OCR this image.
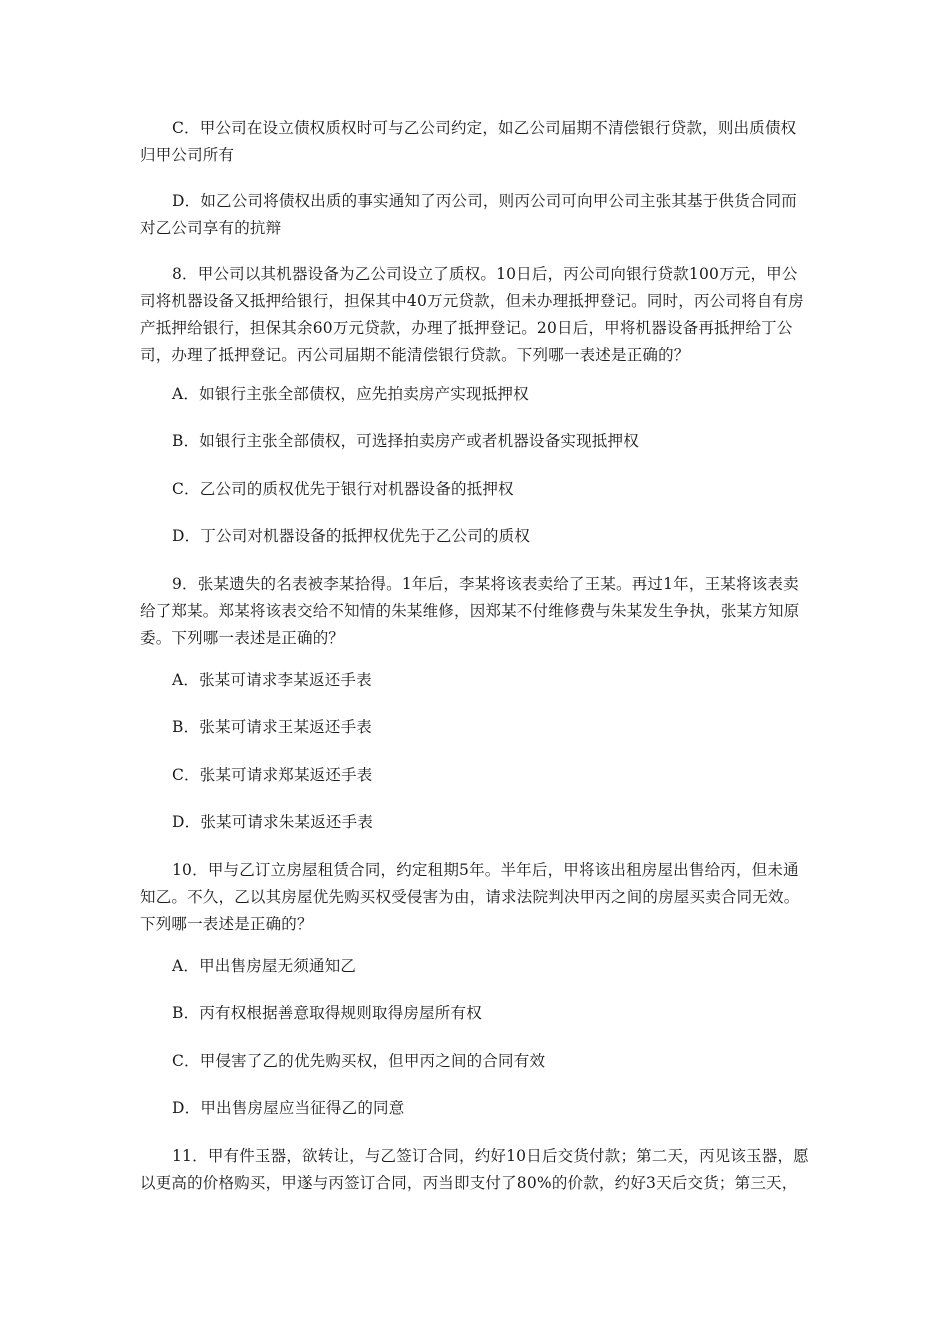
C．甲公司在设立债权质权时可与乙公司约定，如乙公司届期不清偿银行贷款，则出质债权归甲公司所有

D．如乙公司将债权出质的事实通知了丙公司，则丙公司可向甲公司主张其基于供货合同而对乙公司享有的抗辩

8．甲公司以其机器设备为乙公司设立了质权。10日后，丙公司向银行贷款100万元，甲公司将机器设备又抵押给银行，担保其中40万元贷款，但未办理抵押登记。同时，丙公司将自有房产抵押给银行，担保其余60万元贷款，办理了抵押登记。20日后，甲将机器设备再抵押给丁公司，办理了抵押登记。丙公司届期不能清偿银行贷款。下列哪一表述是正确的？

A．如银行主张全部债权，应先拍卖房产实现抵押权

B．如银行主张全部债权，可选择拍卖房产或者机器设备实现抵押权

C．乙公司的质权优先于银行对机器设备的抵押权

D．丁公司对机器设备的抵押权优先于乙公司的质权

9．张某遗失的名表被李某拾得。1年后，李某将该表卖给了王某。再过1年，王某将该表卖给了郑某。郑某将该表交给不知情的朱某维修，因郑某不付维修费与朱某发生争执，张某方知原委。下列哪一表述是正确的？

A．张某可请求李某返还手表

B．张某可请求王某返还手表

C．张某可请求郑某返还手表

D．张某可请求朱某返还手表

10．甲与乙订立房屋租赁合同，约定租期5年。半年后，甲将该出租房屋出售给丙，但未通知乙。不久，乙以其房屋优先购买权受侵害为由，请求法院判决甲丙之间的房屋买卖合同无效。下列哪一表述是正确的？

A．甲出售房屋无须通知乙

B．丙有权根据善意取得规则取得房屋所有权

C．甲侵害了乙的优先购买权，但甲丙之间的合同有效

D．甲出售房屋应当征得乙的同意

11．甲有件玉器，欲转让，与乙签订合同，约好10日后交货付款；第二天，丙见该玉器，愿以更高的价格购买，甲遂与丙签订合同，丙当即支付了80%的价款，约好3天后交货；第三天，
